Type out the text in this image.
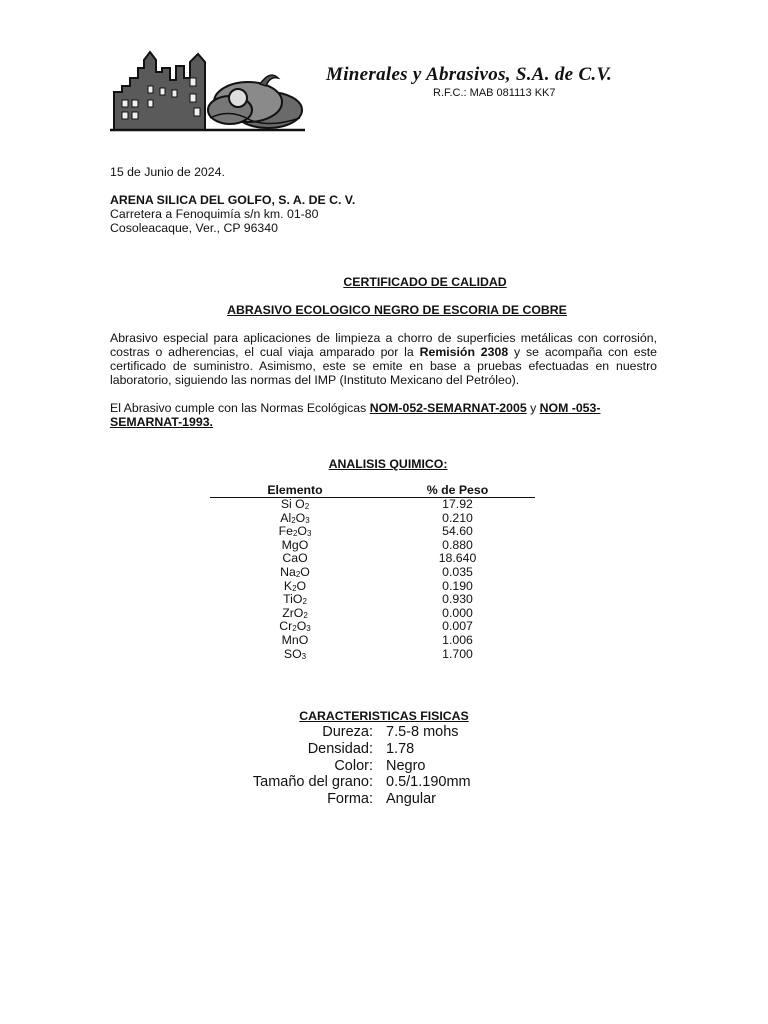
Minerales y Abrasivos, S.A. de C.V.
R.F.C.: MAB 081113 KK7
15 de Junio de 2024.
ARENA SILICA DEL GOLFO, S. A. DE C. V.
Carretera a Fenoquimía s/n km. 01-80
Cosoleacaque, Ver., CP 96340
CERTIFICADO DE CALIDAD
ABRASIVO ECOLOGICO NEGRO DE ESCORIA DE COBRE
Abrasivo especial para aplicaciones de limpieza a chorro de superficies metálicas con corrosión, costras o adherencias, el cual viaja amparado por la Remisión 2308 y se acompaña con este certificado de suministro. Asimismo, este se emite en base a pruebas efectuadas en nuestro laboratorio, siguiendo las normas del IMP (Instituto Mexicano del Petróleo).
El Abrasivo cumple con las Normas Ecológicas NOM-052-SEMARNAT-2005 y NOM -053-SEMARNAT-1993.
ANALISIS QUIMICO:
Elemento	% de Peso
Si $O_2$	17.92
$Al_2O_3$	0.210
$Fe_2O_3$	54.60
MgO	0.880
CaO	18.640
$Na_2O$	0.035
$K_2O$	0.190
TiO$_2$	0.930
ZrO$_2$	0.000
$Cr_2O_3$	0.007
MnO	1.006
$SO_3$	1.700
CARACTERISTICAS FISICAS
Dureza: 7.5-8 mohs
Densidad: 1.78
Color: Negro
Tamaño del grano: 0.5/1.190mm
Forma: Angular
